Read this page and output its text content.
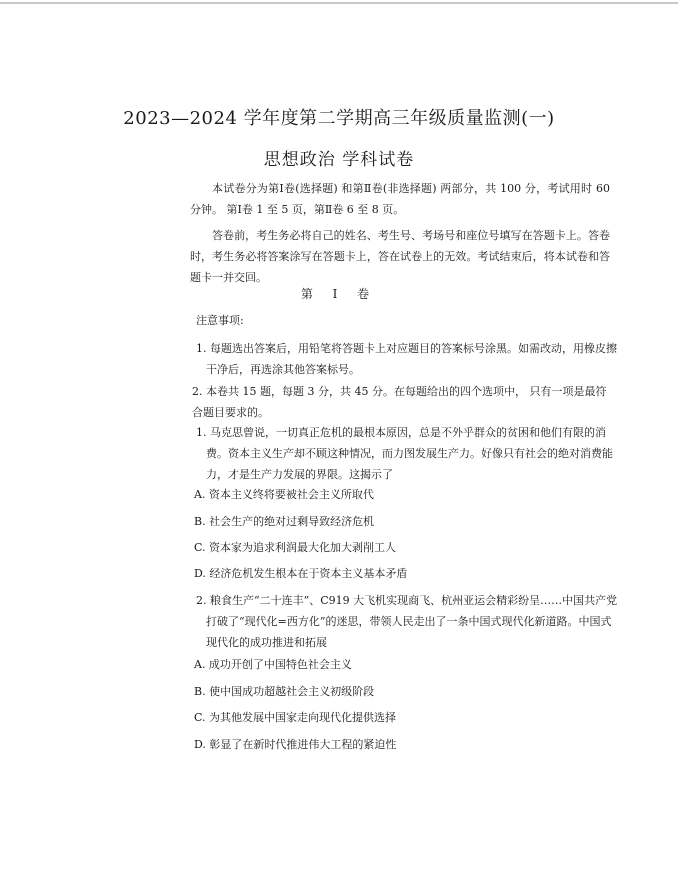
2023—2024 学年度第二学期高三年级质量监测(一)
思想政治 学科试卷
本试卷分为第Ⅰ卷(选择题) 和第Ⅱ卷(非选择题) 两部分，共 100 分，考试用时 60 分钟。 第Ⅰ卷 1 至 5 页，第Ⅱ卷 6 至 8 页。
答卷前，考生务必将自己的姓名、考生号、考场号和座位号填写在答题卡上。答卷时，考生务必将答案涂写在答题卡上，答在试卷上的无效。考试结束后，将本试卷和答题卡一并交回。
第 Ⅰ 卷
注意事项:
1. 每题选出答案后，用铅笔将答题卡上对应题目的答案标号涂黑。如需改动，用橡皮擦干净后，再选涂其他答案标号。
2. 本卷共 15 题，每题 3 分，共 45 分。在每题给出的四个选项中， 只有一项是最符合题目要求的。
1. 马克思曾说，一切真正危机的最根本原因，总是不外乎群众的贫困和他们有限的消费。资本主义生产却不顾这种情况，而力图发展生产力。好像只有社会的绝对消费能力，才是生产力发展的界限。这揭示了
A. 资本主义终将要被社会主义所取代
B. 社会生产的绝对过剩导致经济危机
C. 资本家为追求利润最大化加大剥削工人
D. 经济危机发生根本在于资本主义基本矛盾
2. 粮食生产“二十连丰”、C919 大飞机实现商飞、杭州亚运会精彩纷呈……中国共产党打破了“现代化=西方化”的迷思，带领人民走出了一条中国式现代化新道路。中国式现代化的成功推进和拓展
A. 成功开创了中国特色社会主义
B. 使中国成功超越社会主义初级阶段
C. 为其他发展中国家走向现代化提供选择
D. 彰显了在新时代推进伟大工程的紧迫性
